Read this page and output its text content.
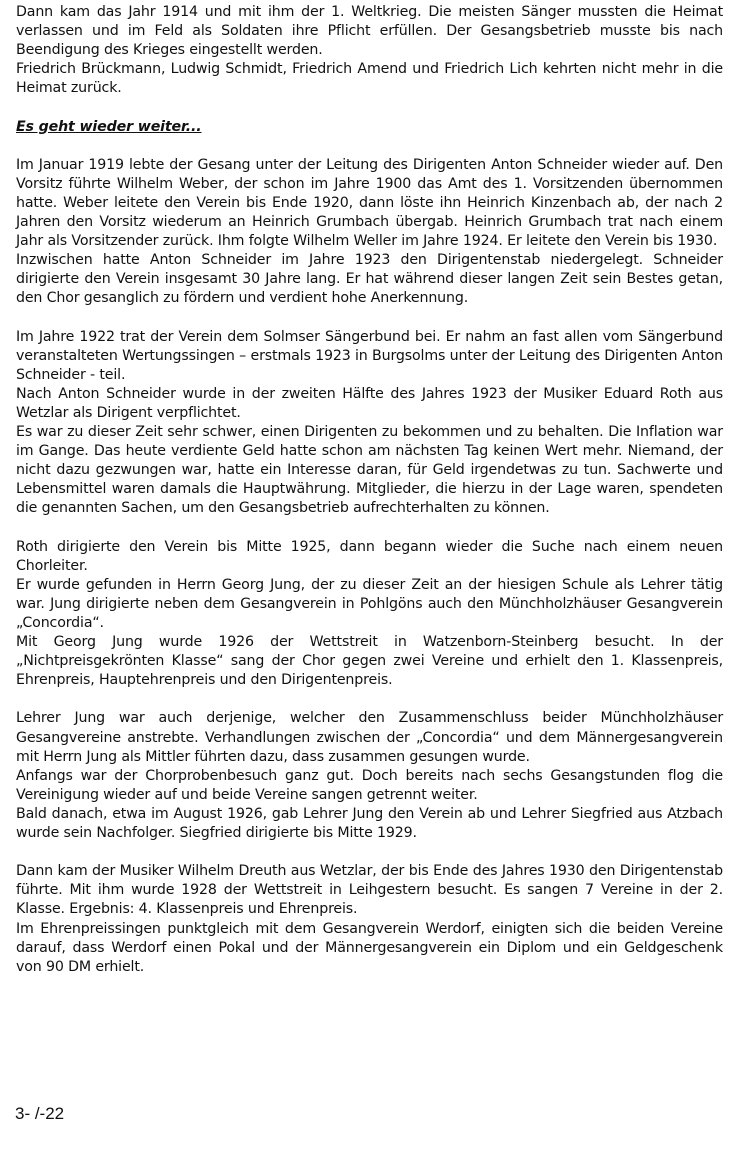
Dann kam das Jahr 1914 und mit ihm der 1. Weltkrieg. Die meisten Sänger mussten die Heimat verlassen und im Feld als Soldaten ihre Pflicht erfüllen. Der Gesangsbetrieb musste bis nach Beendigung des Krieges eingestellt werden.
Friedrich Brückmann, Ludwig Schmidt, Friedrich Amend und Friedrich Lich kehrten nicht mehr in die Heimat zurück.
Es geht wieder weiter...
Im Januar 1919 lebte der Gesang unter der Leitung des Dirigenten Anton Schneider wieder auf. Den Vorsitz führte Wilhelm Weber, der schon im Jahre 1900 das Amt des 1. Vorsitzenden übernommen hatte. Weber leitete den Verein bis Ende 1920, dann löste ihn Heinrich Kinzenbach ab, der nach 2 Jahren den Vorsitz wiederum an Heinrich Grumbach übergab. Heinrich Grumbach trat nach einem Jahr als Vorsitzender zurück. Ihm folgte Wilhelm Weller im Jahre 1924. Er leitete den Verein bis 1930.
Inzwischen hatte Anton Schneider im Jahre 1923 den Dirigentenstab niedergelegt. Schneider dirigierte den Verein insgesamt 30 Jahre lang. Er hat während dieser langen Zeit sein Bestes getan, den Chor gesanglich zu fördern und verdient hohe Anerkennung.
Im Jahre 1922 trat der Verein dem Solmser Sängerbund bei. Er nahm an fast allen vom Sängerbund veranstalteten Wertungssingen – erstmals 1923 in Burgsolms unter der Leitung des Dirigenten Anton Schneider - teil.
Nach Anton Schneider wurde in der zweiten Hälfte des Jahres 1923 der Musiker Eduard Roth aus Wetzlar als Dirigent verpflichtet.
Es war zu dieser Zeit sehr schwer, einen Dirigenten zu bekommen und zu behalten. Die Inflation war im Gange. Das heute verdiente Geld hatte schon am nächsten Tag keinen Wert mehr. Niemand, der nicht dazu gezwungen war, hatte ein Interesse daran, für Geld irgendetwas zu tun. Sachwerte und Lebensmittel waren damals die Hauptwährung. Mitglieder, die hierzu in der Lage waren, spendeten die genannten Sachen, um den Gesangsbetrieb aufrechterhalten zu können.
Roth dirigierte den Verein bis Mitte 1925, dann begann wieder die Suche nach einem neuen Chorleiter.
Er wurde gefunden in Herrn Georg Jung, der zu dieser Zeit an der hiesigen Schule als Lehrer tätig war. Jung dirigierte neben dem Gesangverein in Pohlgöns auch den Münchholzhäuser Gesangverein „Concordia“.
Mit Georg Jung wurde 1926 der Wettstreit in Watzenborn-Steinberg besucht. In der „Nichtpreisgekrönten Klasse“ sang der Chor gegen zwei Vereine und erhielt den 1. Klassenpreis, Ehrenpreis, Hauptehrenpreis und den Dirigentenpreis.
Lehrer Jung war auch derjenige, welcher den Zusammenschluss beider Münchholzhäuser Gesangvereine anstrebte. Verhandlungen zwischen der „Concordia“ und dem Männergesangverein mit Herrn Jung als Mittler führten dazu, dass zusammen gesungen wurde.
Anfangs war der Chorprobenbesuch ganz gut. Doch bereits nach sechs Gesangstunden flog die Vereinigung wieder auf und beide Vereine sangen getrennt weiter.
Bald danach, etwa im August 1926, gab Lehrer Jung den Verein ab und Lehrer Siegfried aus Atzbach wurde sein Nachfolger. Siegfried dirigierte bis Mitte 1929.
Dann kam der Musiker Wilhelm Dreuth aus Wetzlar, der bis Ende des Jahres 1930 den Dirigentenstab führte. Mit ihm wurde 1928 der Wettstreit in Leihgestern besucht. Es sangen 7 Vereine in der 2. Klasse. Ergebnis: 4. Klassenpreis und Ehrenpreis.
Im Ehrenpreissingen punktgleich mit dem Gesangverein Werdorf, einigten sich die beiden Vereine darauf, dass Werdorf einen Pokal und der Männergesangverein ein Diplom und ein Geldgeschenk von 90 DM erhielt.
3- /-22
